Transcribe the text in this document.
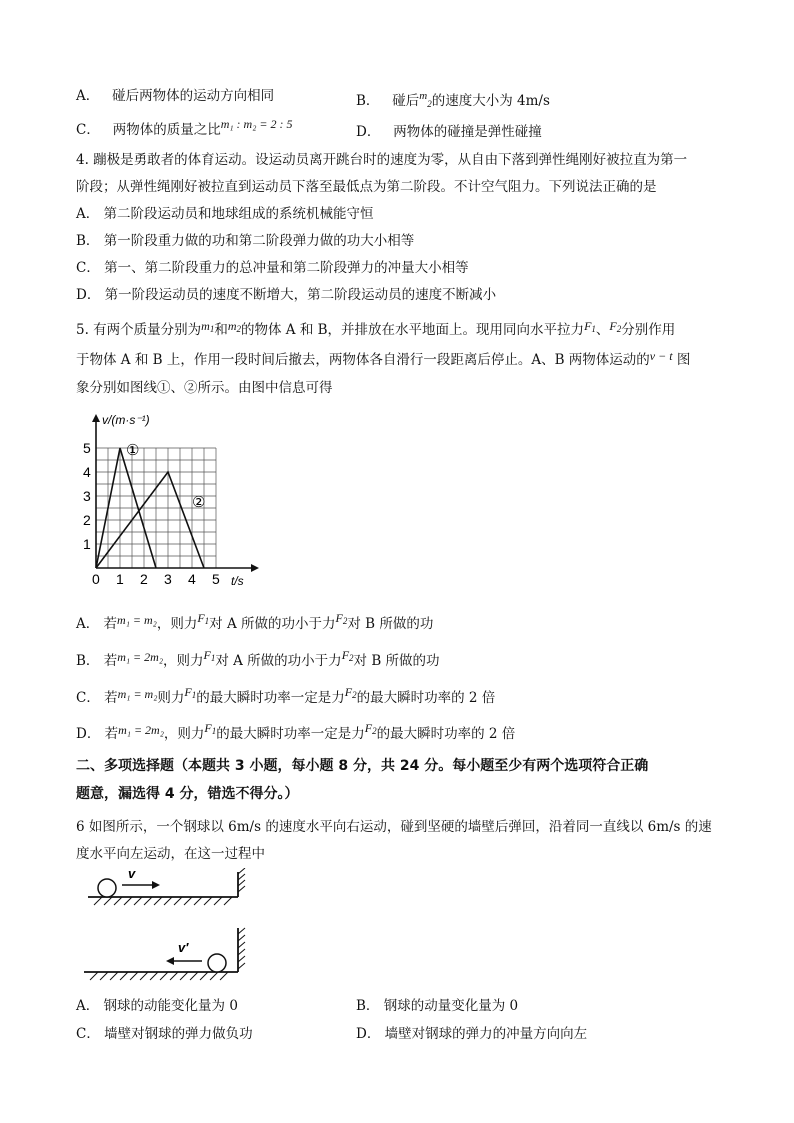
A． 碰后两物体的运动方向相同	B． 碰后$m_2$的速度大小为 4m/s
C． 两物体的质量之比m₁ : m₂ = 2 : 5	D． 两物体的碰撞是弹性碰撞
4. 蹦极是勇敢者的体育运动。设运动员离开跳台时的速度为零，从自由下落到弹性绳刚好被拉直为第一
阶段；从弹性绳刚好被拉直到运动员下落至最低点为第二阶段。不计空气阻力。下列说法正确的是
A． 第二阶段运动员和地球组成的系统机械能守恒
B． 第一阶段重力做的功和第二阶段弹力做的功大小相等
C． 第一、第二阶段重力的总冲量和第二阶段弹力的冲量大小相等
D． 第一阶段运动员的速度不断增大，第二阶段运动员的速度不断减小
5. 有两个质量分别为$m_1$和$m_2$的物体 A 和 B，并排放在水平地面上。现用同向水平拉力$F_1$、$F_2$分别作用
于物体 A 和 B 上，作用一段时间后撤去，两物体各自滑行一段距离后停止。A、B 两物体运动的v − t 图
象分别如图线①、②所示。由图中信息可得
v/(m·s⁻¹)
t/s
0 1 2 3 4 5
1
2
3
4
5 ①
②
A． 若m₁ = m₂，则力$F_1$对 A 所做的功小于力$F_2$对 B 所做的功
B． 若m₁ = 2m₂，则力$F_1$对 A 所做的功小于力$F_2$对 B 所做的功
C． 若m₁ = m₂则力$F_1$的最大瞬时功率一定是力$F_2$的最大瞬时功率的 2 倍
D． 若m₁ = 2m₂，则力$F_1$的最大瞬时功率一定是力$F_2$的最大瞬时功率的 2 倍
二、多项选择题（本题共 3 小题，每小题 8 分，共 24 分。每小题至少有两个选项符合正确
题意，漏选得 4 分，错选不得分。）
6 如图所示，一个钢球以 6m/s 的速度水平向右运动，碰到坚硬的墙壁后弹回，沿着同一直线以 6m/s 的速
度水平向左运动，在这一过程中
v
v′
A． 钢球的动能变化量为 0	B． 钢球的动量变化量为 0
C． 墙壁对钢球的弹力做负功	D． 墙壁对钢球的弹力的冲量方向向左
